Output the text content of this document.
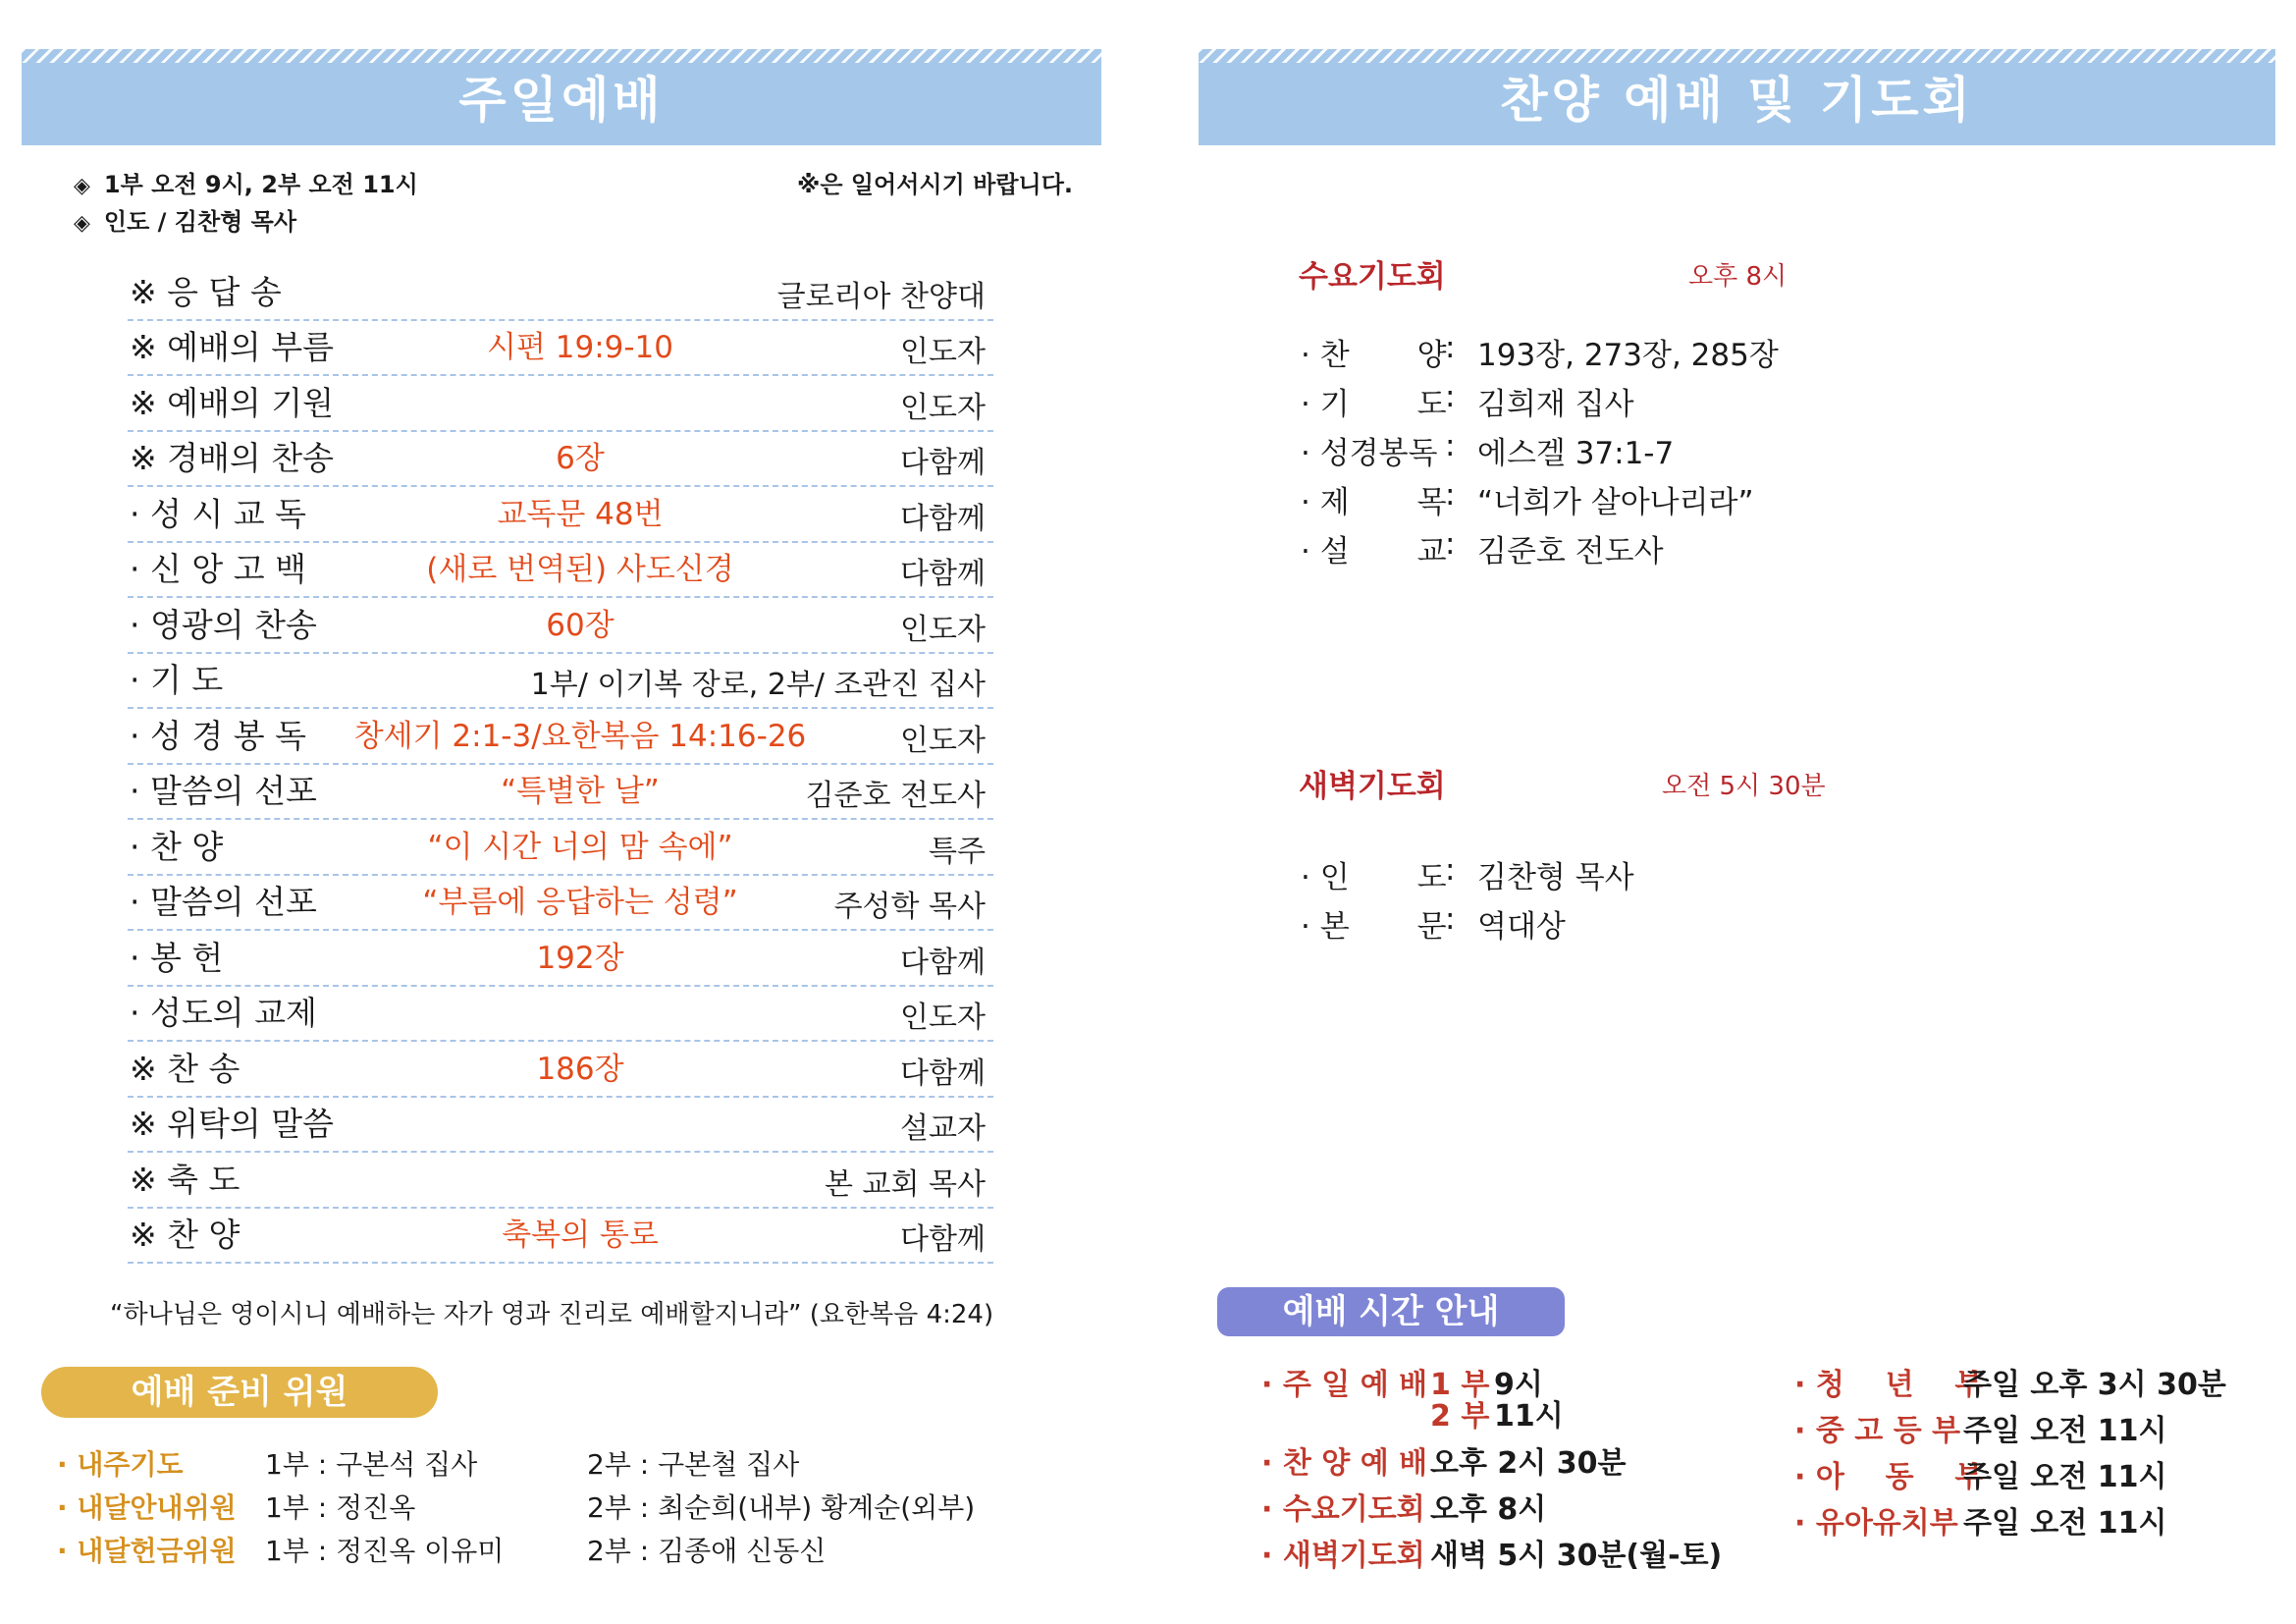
주일예배
◈ 1부 오전 9시, 2부 오전 11시
◈ 인도 / 김찬형 목사
※은 일어서시기 바랍니다.
※ 응 답 송	글로리아 찬양대
※ 예배의 부름	시편 19:9-10	인도자
※ 예배의 기원	인도자
※ 경배의 찬송	6장	다함께
· 성 시 교 독	교독문 48번	다함께
· 신 앙 고 백	(새로 번역된) 사도신경	다함께
· 영광의 찬송	60장	인도자
· 기 도	1부/ 이기복 장로, 2부/ 조관진 집사
· 성 경 봉 독	창세기 2:1-3/요한복음 14:16-26	인도자
· 말씀의 선포	“특별한 날”	김준호 전도사
· 찬 양	“이 시간 너의 맘 속에”	특주
· 말씀의 선포	“부름에 응답하는 성령”	주성학 목사
· 봉 헌	192장	다함께
· 성도의 교제	인도자
※ 찬 송	186장	다함께
※ 위탁의 말씀	설교자
※ 축 도	본 교회 목사
※ 찬 양	축복의 통로	다함께
“하나님은 영이시니 예배하는 자가 영과 진리로 예배할지니라” (요한복음 4:24)
예배 준비 위원
· 내주기도	1부 : 구본석 집사	2부 : 구본철 집사
· 내달안내위원 1부 : 정진옥	2부 : 최순희(내부) 황계순(외부)
· 내달헌금위원 1부 : 정진옥 이유미	2부 : 김종애 신동신
찬양 예배 및 기도회
수요기도회	오후 8시
· 찬       양
: 193장, 273장, 285장
· 기       도
: 김희재 집사
· 성경봉독 : 에스겔 37:1-7
· 제       목
: “너희가 살아나리라”
· 설       교
: 김준호 전도사
새벽기도회	오전 5시 30분
· 인       도
: 김찬형 목사
· 본       문
: 역대상
예배 시간 안내
· 주 일 예 배 1 부 9시
2 부 11시
· 찬 양 예 배 오후 2시 30분
· 수요기도회 오후 8시
· 새벽기도회 새벽 5시 30분(월-토)
· 청    년    부
주일 오후 3시 30분
· 중 고 등 부 주일 오전 11시
· 아    동    부
주일 오전 11시
· 유아유치부 주일 오전 11시
